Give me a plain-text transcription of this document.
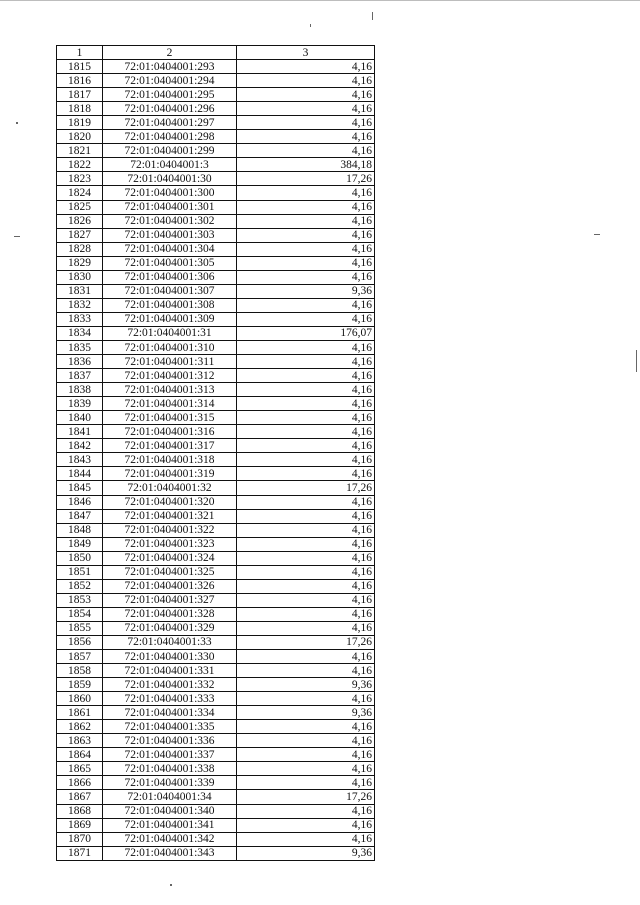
1	2	3
1815	72:01:0404001:293	4,16
1816	72:01:0404001:294	4,16
1817	72:01:0404001:295	4,16
1818	72:01:0404001:296	4,16
1819	72:01:0404001:297	4,16
1820	72:01:0404001:298	4,16
1821	72:01:0404001:299	4,16
1822	72:01:0404001:3	384,18
1823	72:01:0404001:30	17,26
1824	72:01:0404001:300	4,16
1825	72:01:0404001:301	4,16
1826	72:01:0404001:302	4,16
1827	72:01:0404001:303	4,16
1828	72:01:0404001:304	4,16
1829	72:01:0404001:305	4,16
1830	72:01:0404001:306	4,16
1831	72:01:0404001:307	9,36
1832	72:01:0404001:308	4,16
1833	72:01:0404001:309	4,16
1834	72:01:0404001:31	176,07
1835	72:01:0404001:310	4,16
1836	72:01:0404001:311	4,16
1837	72:01:0404001:312	4,16
1838	72:01:0404001:313	4,16
1839	72:01:0404001:314	4,16
1840	72:01:0404001:315	4,16
1841	72:01:0404001:316	4,16
1842	72:01:0404001:317	4,16
1843	72:01:0404001:318	4,16
1844	72:01:0404001:319	4,16
1845	72:01:0404001:32	17,26
1846	72:01:0404001:320	4,16
1847	72:01:0404001:321	4,16
1848	72:01:0404001:322	4,16
1849	72:01:0404001:323	4,16
1850	72:01:0404001:324	4,16
1851	72:01:0404001:325	4,16
1852	72:01:0404001:326	4,16
1853	72:01:0404001:327	4,16
1854	72:01:0404001:328	4,16
1855	72:01:0404001:329	4,16
1856	72:01:0404001:33	17,26
1857	72:01:0404001:330	4,16
1858	72:01:0404001:331	4,16
1859	72:01:0404001:332	9,36
1860	72:01:0404001:333	4,16
1861	72:01:0404001:334	9,36
1862	72:01:0404001:335	4,16
1863	72:01:0404001:336	4,16
1864	72:01:0404001:337	4,16
1865	72:01:0404001:338	4,16
1866	72:01:0404001:339	4,16
1867	72:01:0404001:34	17,26
1868	72:01:0404001:340	4,16
1869	72:01:0404001:341	4,16
1870	72:01:0404001:342	4,16
1871	72:01:0404001:343	9,36
